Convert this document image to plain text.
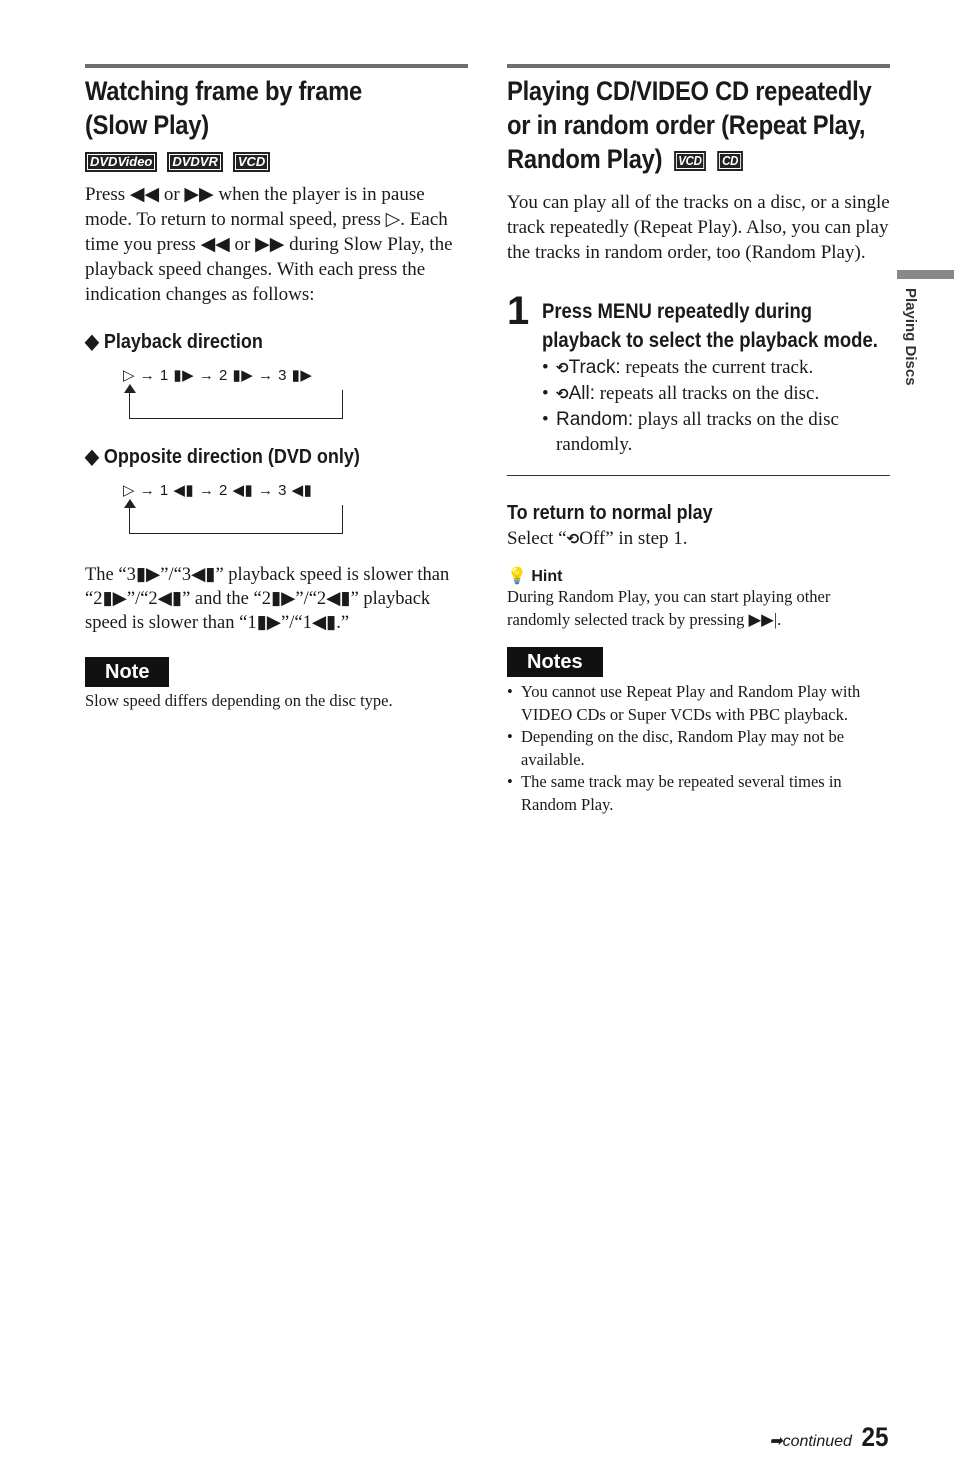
Watching frame by frame
(Slow Play)
DVDVideo DVDVR VCD

Press ◀◀ or ▶▶ when the player is in pause mode. To return to normal speed, press ▷. Each time you press ◀◀ or ▶▶ during Slow Play, the playback speed changes. With each press the indication changes as follows:

◆ Playback direction
▷ → 1 ▮▶ → 2 ▮▶ → 3 ▮▶
◆ Opposite direction (DVD only)
▷ → 1 ◀▮ → 2 ◀▮ → 3 ◀▮

The “3▮▶”/“3◀▮” playback speed is slower than “2▮▶”/“2◀▮” and the “2▮▶”/“2◀▮” playback speed is slower than “1▮▶”/“1◀▮.”

Note

Slow speed differs depending on the disc type.

Playing CD/VIDEO CD repeatedly
or in random order (Repeat Play,
Random Play) VCD CD

You can play all of the tracks on a disc, or a single track repeatedly (Repeat Play). Also, you can play the tracks in random order, too (Random Play).

1 Press MENU repeatedly during
playback to select the playback mode.
• ⟲Track: repeats the current track.
• ⟲All: repeats all tracks on the disc.
• Random: plays all tracks on the disc randomly.
To return to normal play

Select “⟲Off” in step 1.

💡 Hint

During Random Play, you can start playing other randomly selected track by pressing ▶▶|.

Notes
• You cannot use Repeat Play and Random Play with VIDEO CDs or Super VCDs with PBC playback.
• Depending on the disc, Random Play may not be available.
• The same track may be repeated several times in Random Play.
Playing Discs
➡continued 25
